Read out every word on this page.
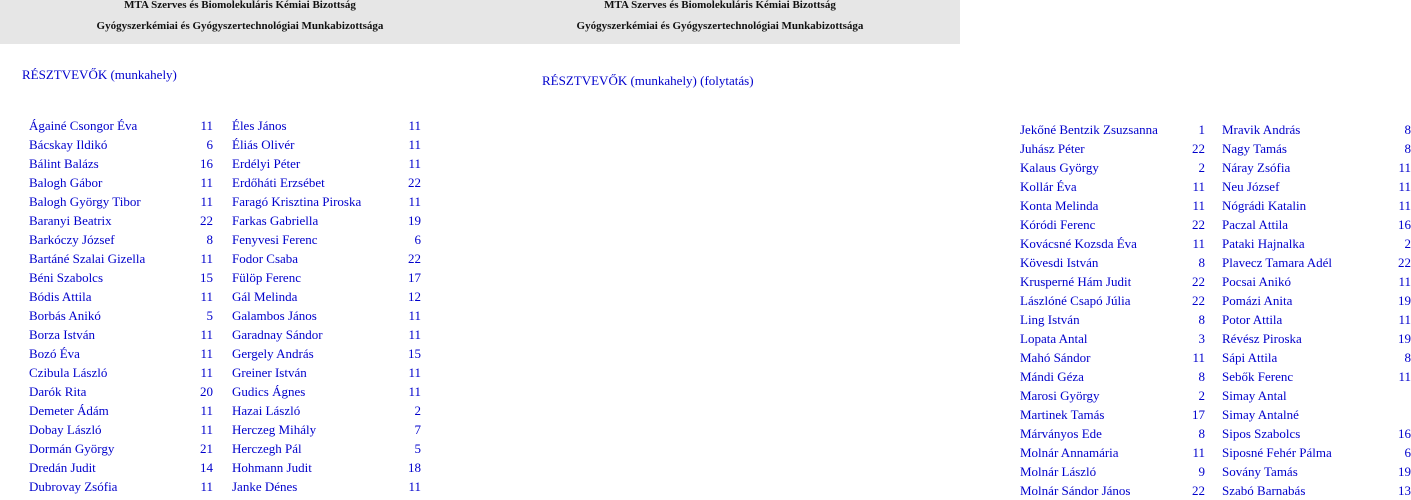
MTA Szerves és Biomolekuláris Kémiai Bizottság
Gyógyszerkémiai és Gyógyszertechnológiai Munkabizottsága
RÉSZTVEVŐK (munkahely)
Ágainé Csongor Éva	11
Bácskay Ildikó	6
Bálint Balázs	16
Balogh Gábor	11
Balogh György Tibor	11
Baranyi Beatrix	22
Barkóczy József	8
Bartáné Szalai Gizella	11
Béni Szabolcs	15
Bódis Attila	11
Borbás Anikó	5
Borza István	11
Bozó Éva	11
Czibula László	11
Darók Rita	20
Demeter Ádám	11
Dobay László	11
Dormán György	21
Dredán Judit	14
Dubrovay Zsófia	11
Éles János	11
Éliás Olivér	11
Erdélyi Péter	11
Erdőháti Erzsébet	22
Faragó Krisztina Piroska	11
Farkas Gabriella	19
Fenyvesi Ferenc	6
Fodor Csaba	22
Fülöp Ferenc	17
Gál Melinda	12
Galambos János	11
Garadnay Sándor	11
Gergely András	15
Greiner István	11
Gudics Ágnes	11
Hazai László	2
Herczeg Mihály	7
Herczegh Pál	5
Hohmann Judit	18
Janke Dénes	11
MTA Szerves és Biomolekuláris Kémiai Bizottság
Gyógyszerkémiai és Gyógyszertechnológiai Munkabizottsága
RÉSZTVEVŐK (munkahely) (folytatás)
Jekőné Bentzik Zsuzsanna	1
Juhász Péter	22
Kalaus György	2
Kollár Éva	11
Konta Melinda	11
Kóródi Ferenc	22
Kovácsné Kozsda Éva	11
Kövesdi István	8
Krusperné Hám Judit	22
Lászlóné Csapó Júlia	22
Ling István	8
Lopata Antal	3
Mahó Sándor	11
Mándi Géza	8
Marosi György	2
Martinek Tamás	17
Márványos Ede	8
Molnár Annamária	11
Molnár László	9
Molnár Sándor János	22
Mravik András	8
Nagy Tamás	8
Náray Zsófia	11
Neu József	11
Nógrádi Katalin	11
Paczal Attila	16
Pataki Hajnalka	2
Plavecz Tamara Adél	22
Pocsai Anikó	11
Pomázi Anita	19
Potor Attila	11
Révész Piroska	19
Sápi Attila	8
Sebők Ferenc	11
Simay Antal
Simay Antalné
Sipos Szabolcs	16
Siposné Fehér Pálma	6
Sovány Tamás	19
Szabó Barnabás	13
